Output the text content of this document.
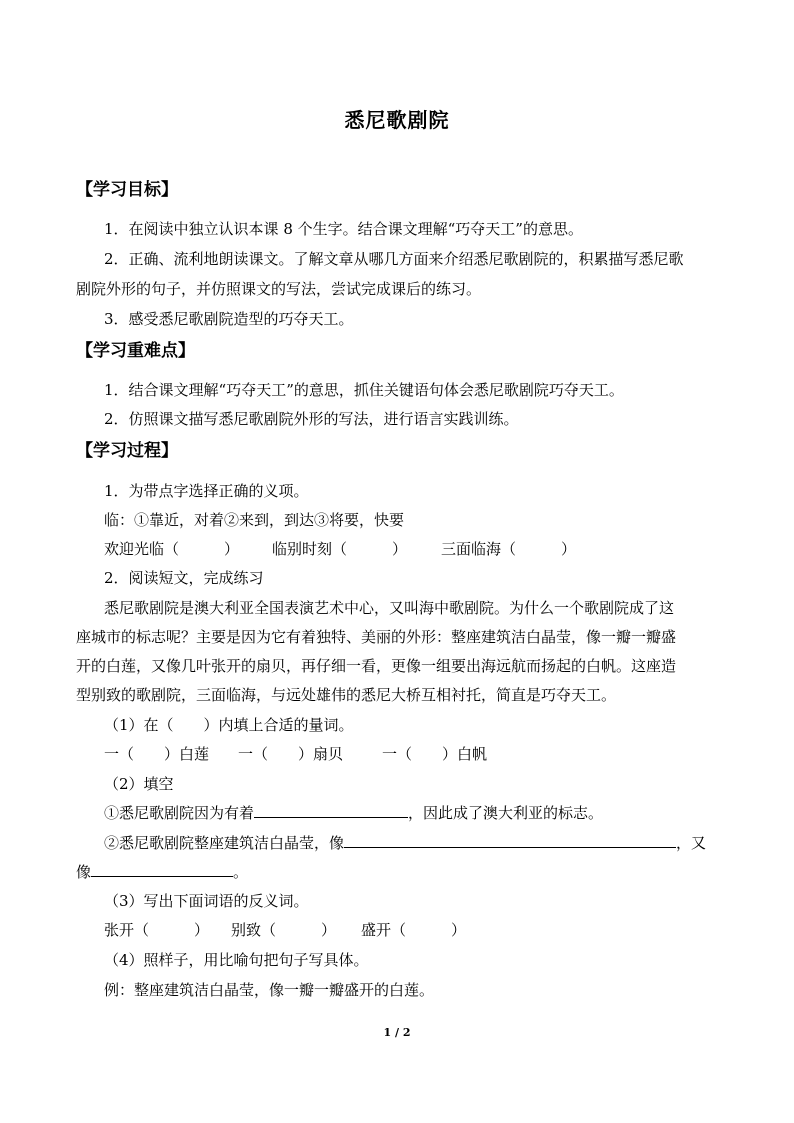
悉尼歌剧院
【学习目标】
1．在阅读中独立认识本课 8 个生字。结合课文理解“巧夺天工”的意思。
2．正确、流利地朗读课文。了解文章从哪几方面来介绍悉尼歌剧院的，积累描写悉尼歌
剧院外形的句子，并仿照课文的写法，尝试完成课后的练习。
3．感受悉尼歌剧院造型的巧夺天工。
【学习重难点】
1．结合课文理解“巧夺天工”的意思，抓住关键语句体会悉尼歌剧院巧夺天工。
2．仿照课文描写悉尼歌剧院外形的写法，进行语言实践训练。
【学习过程】
1．为带点字选择正确的义项。
临：①靠近，对着②来到，到达③将要，快要
欢迎光临（　　　） 临别时刻（　　　） 三面临海（　　　）
2．阅读短文，完成练习
悉尼歌剧院是澳大利亚全国表演艺术中心，又叫海中歌剧院。为什么一个歌剧院成了这
座城市的标志呢？主要是因为它有着独特、美丽的外形：整座建筑洁白晶莹，像一瓣一瓣盛
开的白莲，又像几叶张开的扇贝，再仔细一看，更像一组要出海远航而扬起的白帆。这座造
型别致的歌剧院，三面临海，与远处雄伟的悉尼大桥互相衬托，简直是巧夺天工。
（1）在（　　）内填上合适的量词。
一（　　）白莲 一（　　）扇贝	一（　　）白帆
（2）填空
①悉尼歌剧院因为有着	，因此成了澳大利亚的标志。
②悉尼歌剧院整座建筑洁白晶莹，像	，又
像	。
（3）写出下面词语的反义词。
张开（　　　） 别致（　　　） 盛开（　　　）
（4）照样子，用比喻句把句子写具体。
例：整座建筑洁白晶莹，像一瓣一瓣盛开的白莲。
1 / 2
